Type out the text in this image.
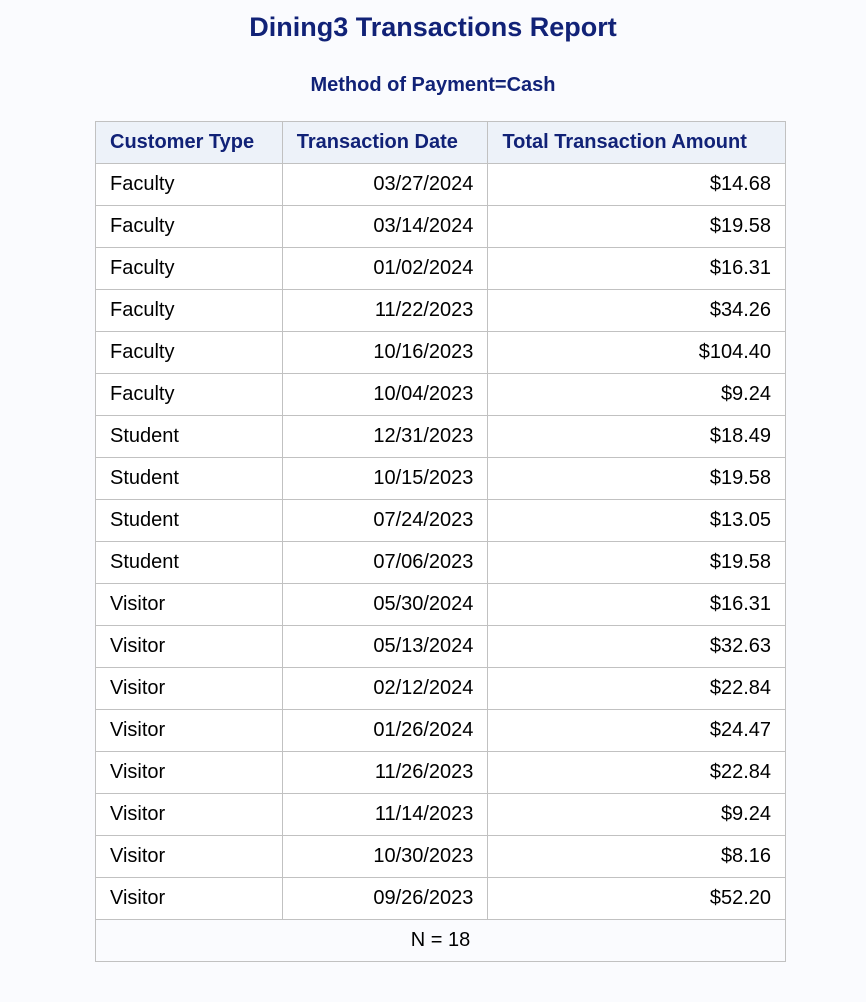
Dining3 Transactions Report
Method of Payment=Cash
Customer Type	Transaction Date	Total Transaction Amount
Faculty	03/27/2024	$14.68
Faculty	03/14/2024	$19.58
Faculty	01/02/2024	$16.31
Faculty	11/22/2023	$34.26
Faculty	10/16/2023	$104.40
Faculty	10/04/2023	$9.24
Student	12/31/2023	$18.49
Student	10/15/2023	$19.58
Student	07/24/2023	$13.05
Student	07/06/2023	$19.58
Visitor	05/30/2024	$16.31
Visitor	05/13/2024	$32.63
Visitor	02/12/2024	$22.84
Visitor	01/26/2024	$24.47
Visitor	11/26/2023	$22.84
Visitor	11/14/2023	$9.24
Visitor	10/30/2023	$8.16
Visitor	09/26/2023	$52.20
N = 18		
